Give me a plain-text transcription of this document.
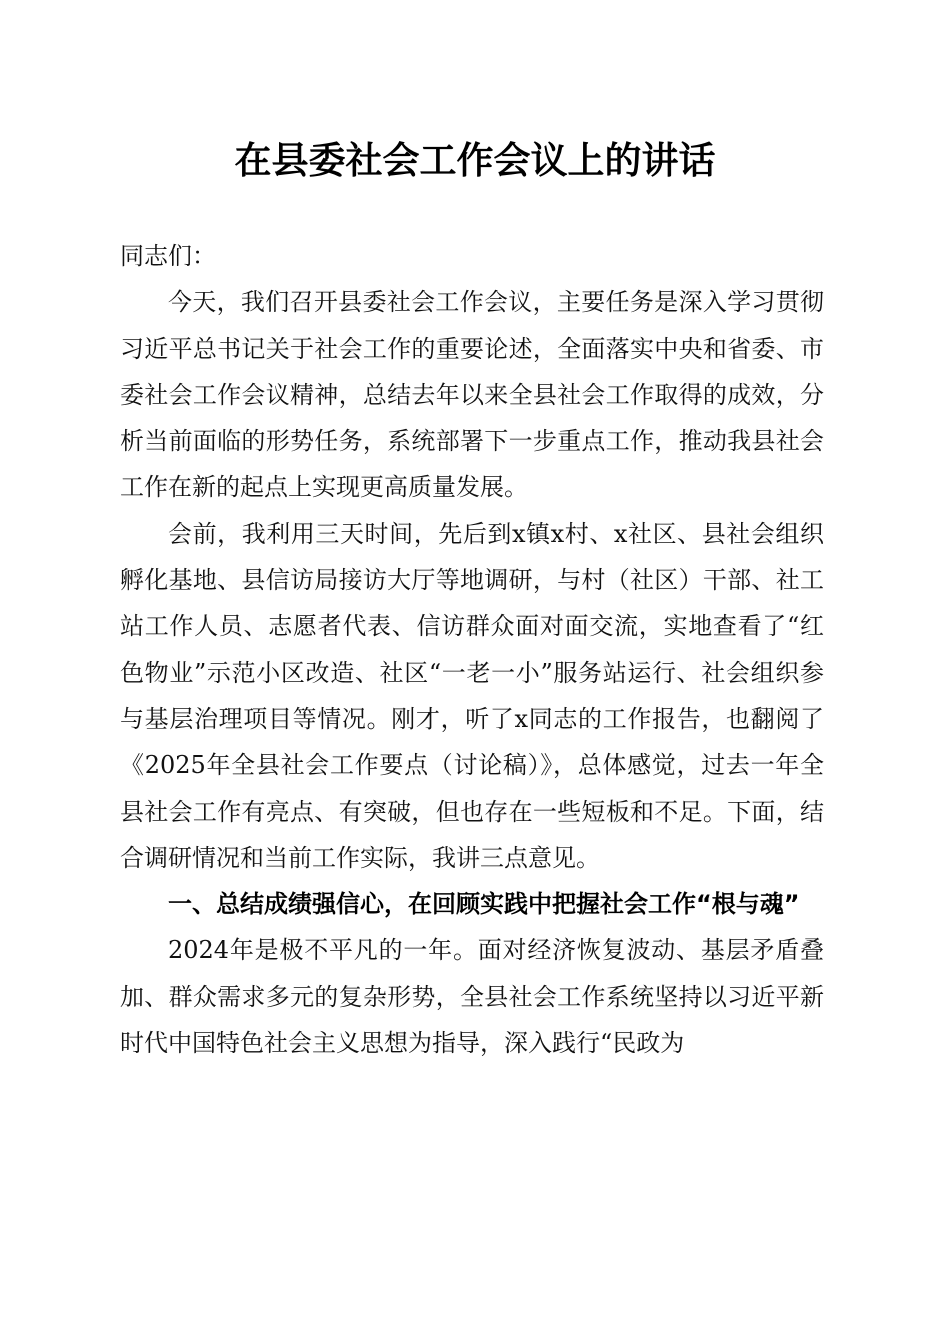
在县委社会工作会议上的讲话

同志们：

今天，我们召开县委社会工作会议，主要任务是深入学习贯彻习近平总书记关于社会工作的重要论述，全面落实中央和省委、市委社会工作会议精神，总结去年以来全县社会工作取得的成效，分析当前面临的形势任务，系统部署下一步重点工作，推动我县社会工作在新的起点上实现更高质量发展。

会前，我利用三天时间，先后到x镇x村、x社区、县社会组织孵化基地、县信访局接访大厅等地调研，与村（社区）干部、社工站工作人员、志愿者代表、信访群众面对面交流，实地查看了“红色物业”示范小区改造、社区“一老一小”服务站运行、社会组织参与基层治理项目等情况。刚才，听了x同志的工作报告，也翻阅了《2025年全县社会工作要点（讨论稿）》，总体感觉，过去一年全县社会工作有亮点、有突破，但也存在一些短板和不足。下面，结合调研情况和当前工作实际，我讲三点意见。

一、总结成绩强信心，在回顾实践中把握社会工作“根与魂”

2024年是极不平凡的一年。面对经济恢复波动、基层矛盾叠加、群众需求多元的复杂形势，全县社会工作系统坚持以习近平新时代中国特色社会主义思想为指导，深入践行“民政为
